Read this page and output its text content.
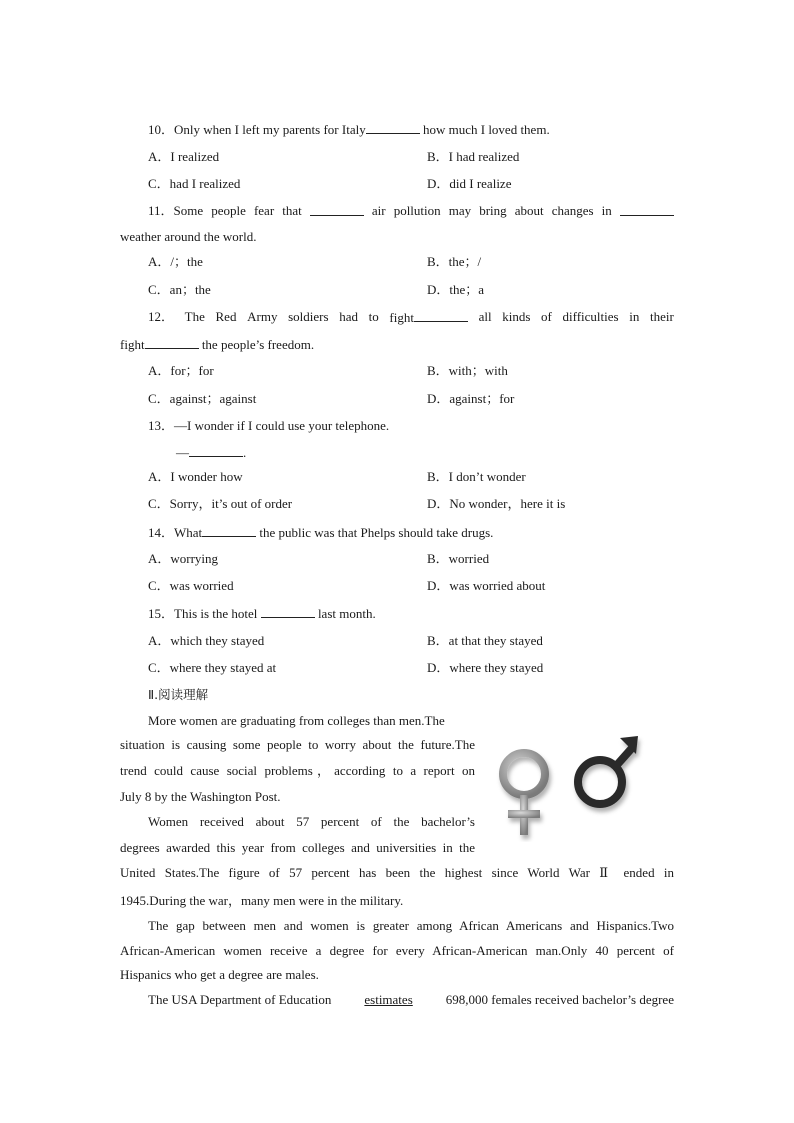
10．Only when I left my parents for Italy	how much I loved them.
A．I realized	B．I had realized
C．had I realized	D．did I realize
11．Some people fear that	air pollution may bring about changes in
weather around the world.
A．/；the	B．the；/
C．an；the	D．the；a
12． The Red Army soldiers had to fight	all kinds of difficulties in their
fight	the people’s freedom.
A．for；for	B．with；with
C．against；against	D．against；for
13．—I wonder if I could use your telephone.
—	.
A．I wonder how	B．I don’t wonder
C．Sorry，it’s out of order	D．No wonder，here it is
14．What	the public was that Phelps should take drugs.
A．worrying	B．worried
C．was worried	D．was worried about
15．This is the hotel	last month.
A．which they stayed	B．at that they stayed
C．where they stayed at	D．where they stayed
Ⅱ.阅读理解
More women are graduating from colleges than men.The
situation is causing some people to worry about the future.The
trend could cause social problems，according to a report on
July 8 by the Washington Post.
Women received about 57 percent of the bachelor’s
degrees awarded this year from colleges and universities in the
United States.The figure of 57 percent has been the highest since World War Ⅱ ended in
1945.During the war，many men were in the military.
The gap between men and women is greater among African Americans and Hispanics.Two
African-American women receive a degree for every African-American man.Only 40 percent of
Hispanics who get a degree are males.
The USA Department of Education	estimates	698,000 females received bachelor’s degree
